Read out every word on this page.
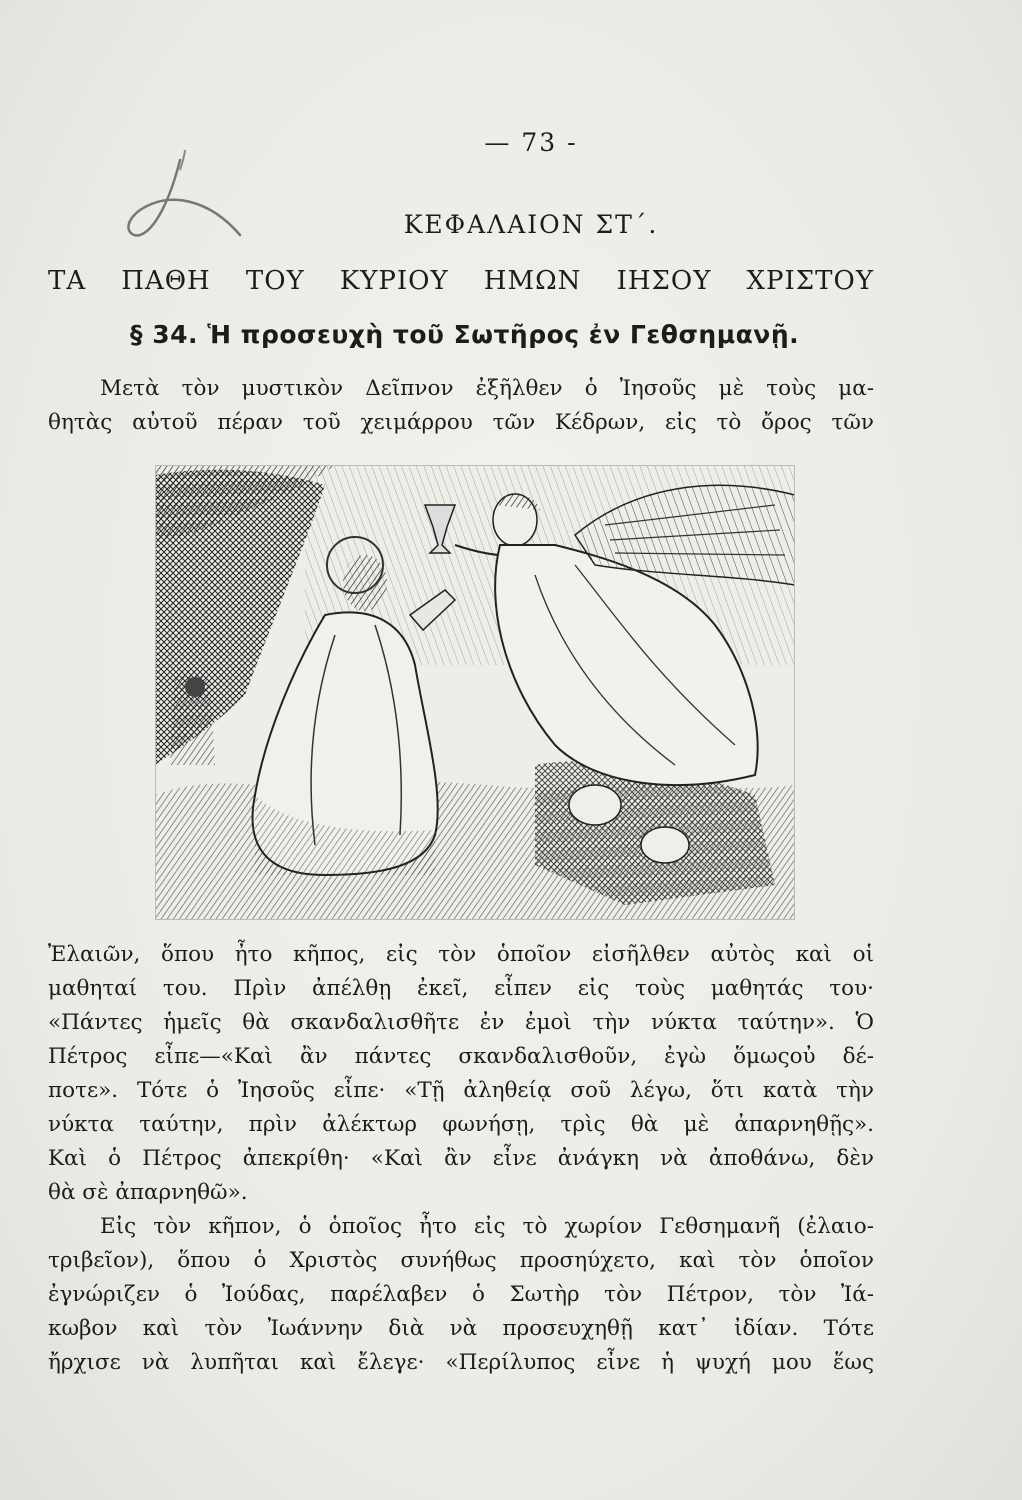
— 73 -
ΚΕΦΑΛΑΙΟΝ ΣΤ΄.
ΤΑ ΠΑΘΗ ΤΟΥ ΚΥΡΙΟΥ ΗΜΩΝ ΙΗΣΟΥ ΧΡΙΣΤΟΥ
§ 34. Ἡ προσευχὴ τοῦ Σωτῆρος ἐν Γεθσημανῇ.
Μετὰ τὸν μυστικὸν Δεῖπνον ἐξῆλθεν ὁ Ἰησοῦς μὲ τοὺς μα-
θητὰς αὐτοῦ πέραν τοῦ χειμάρρου τῶν Κέδρων, εἰς τὸ ὄρος τῶν
Ἐλαιῶν, ὅπου ἦτο κῆπος, εἰς τὸν ὁποῖον εἰσῆλθεν αὐτὸς καὶ οἱ
μαθηταί του. Πρὶν ἀπέλθῃ ἐκεῖ, εἶπεν εἰς τοὺς μαθητάς του·
«Πάντες ἡμεῖς θὰ σκανδαλισθῆτε ἐν ἐμοὶ τὴν νύκτα ταύτην». Ὁ
Πέτρος εἶπε—«Καὶ ἂν πάντες σκανδαλισθοῦν, ἐγὼ ὅμωςοὐ δέ-
ποτε». Τότε ὁ Ἰησοῦς εἶπε· «Τῇ ἀληθείᾳ σοῦ λέγω, ὅτι κατὰ τὴν
νύκτα ταύτην, πρὶν ἀλέκτωρ φωνήσῃ, τρὶς θὰ μὲ ἀπαρνηθῇς».
Καὶ ὁ Πέτρος ἀπεκρίθη· «Καὶ ἂν εἶνε ἀνάγκη νὰ ἀποθάνω, δὲν
θὰ σὲ ἀπαρνηθῶ».
Εἰς τὸν κῆπον, ὁ ὁποῖος ἦτο εἰς τὸ χωρίον Γεθσημανῆ (ἐλαιο-
τριβεῖον), ὅπου ὁ Χριστὸς συνήθως προσηύχετο, καὶ τὸν ὁποῖον
ἐγνώριζεν ὁ Ἰούδας, παρέλαβεν ὁ Σωτὴρ τὸν Πέτρον, τὸν Ἰά-
κωβον καὶ τὸν Ἰωάννην διὰ νὰ προσευχηθῇ κατ᾿ ἰδίαν. Τότε
ἤρχισε νὰ λυπῆται καὶ ἔλεγε· «Περίλυπος εἶνε ἡ ψυχή μου ἕως
